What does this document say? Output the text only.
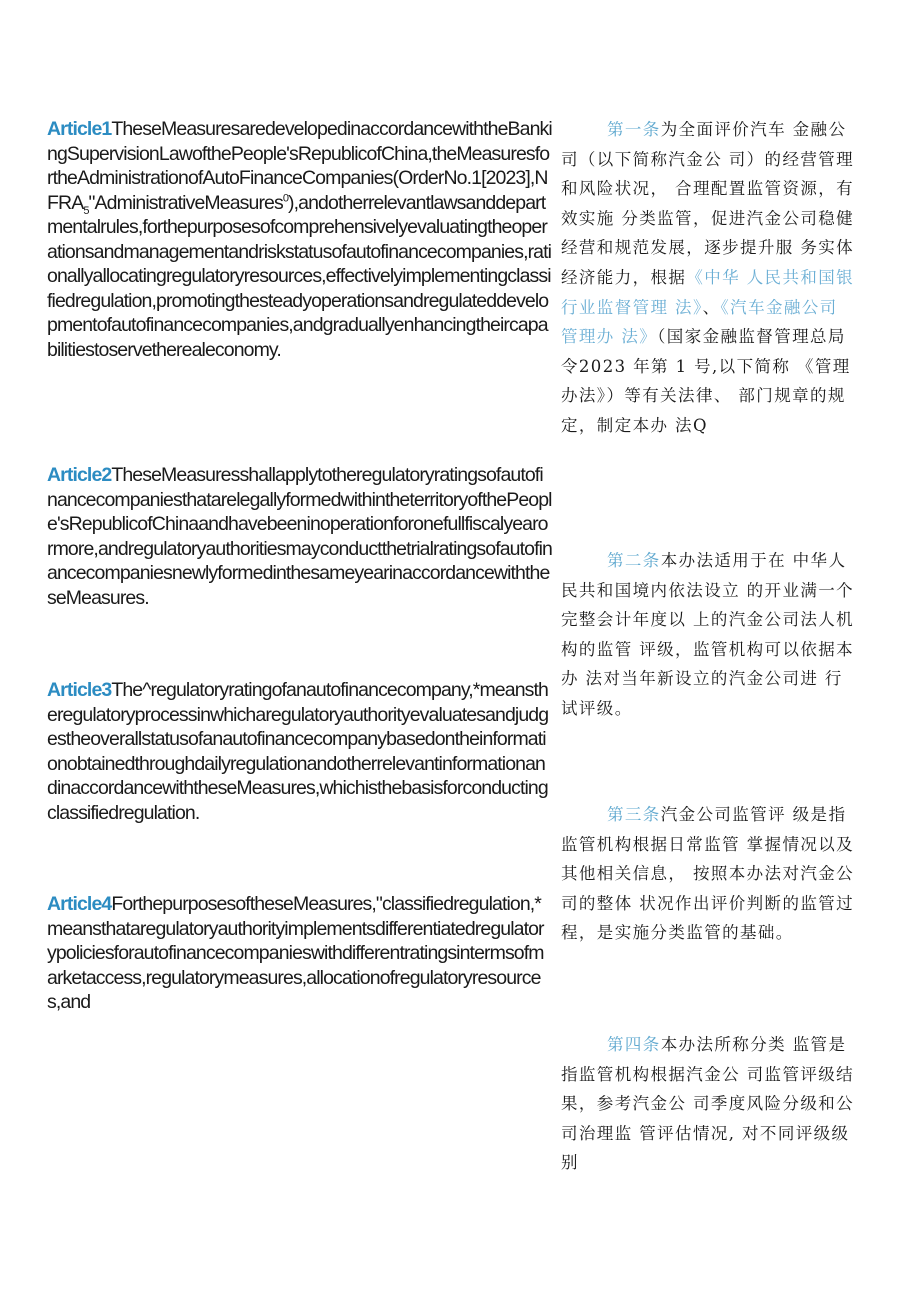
Article1TheseMeasuresaredevelopedinaccordancewiththeBankingSupervisionLawofthePeople'sRepublicofChina,theMeasuresfortheA$dministrationofAutoFinanceCompanies(OrderNo.1[2023],NFRA_5"AdministrativeMeasures^0),andotherrelevantlawsanddepartmentalru$les,forthepurposesofcomprehensivelyevaluatingtheoperationsandmanagementandriskstatusofautofinancecompanies,rationallyallocatingregulatoryresources,effectivelyimplementingclassifiedregulation,promotingthesteadyoperationsandregulateddevelopmentofautofinancecompanies,andgraduallyenhancingtheircapabilitiestoservetherealeconomy.
Article2TheseMeasuresshallapplytotheregulatoryratingsofautofinancecompaniesthatarelegallyformedwithintheterritoryofthePeople'sRepublicofChinaandhavebeeninoperationforonefullfiscalyearormore,andregulatoryauthoritiesmayconductthetrialratingsofautofinancecompaniesnewlyformedinthesameyearinaccordancewiththeseMeasures.
Article3The^regulatoryratingofanautofinancecompany,*meanstheregulatoryprocessinwhicharegulatoryauthorityevaluatesandjudgestheoverallstatusofanautofinancecompanybasedontheinformationobtainedthroughdailyregulationandotherrelevantinformationandinaccordancewiththeseMeasures,whichisthebasisforconductingclassifiedregulation.
Article4ForthepurposesoftheseMeasures,"classifiedregulation,*meansthataregulatoryauthorityimplementsdifferentiatedregulatorypoliciesforautofinancecompanieswithdifferentratingsintermsofmarketaccess,regulatorymeasures,allocationofregulatoryresources,and
第一条为全面评价汽车 金融公司（以下简称汽金公 司）的经营管理和风险状况， 合理配置监管资源，有效实施 分类监管，促进汽金公司稳健 经营和规范发展，逐步提升服 务实体经济能力，根据《中华 人民共和国银行业监督管理 法》、《汽车金融公司管理办 法》（国家金融监督管理总局令2023 年第 1 号,以下简称 《管理办法》）等有关法律、 部门规章的规定，制定本办 法Q
第二条本办法适用于在 中华人民共和国境内依法设立 的开业满一个完整会计年度以 上的汽金公司法人机构的监管 评级，监管机构可以依据本办 法对当年新设立的汽金公司进 行试评级。
第三条汽金公司监管评 级是指监管机构根据日常监管 掌握情况以及其他相关信息， 按照本办法对汽金公司的整体 状况作出评价判断的监管过 程，是实施分类监管的基础。
第四条本办法所称分类 监管是指监管机构根据汽金公 司监管评级结果，参考汽金公 司季度风险分级和公司治理监 管评估情况, 对不同评级级别
